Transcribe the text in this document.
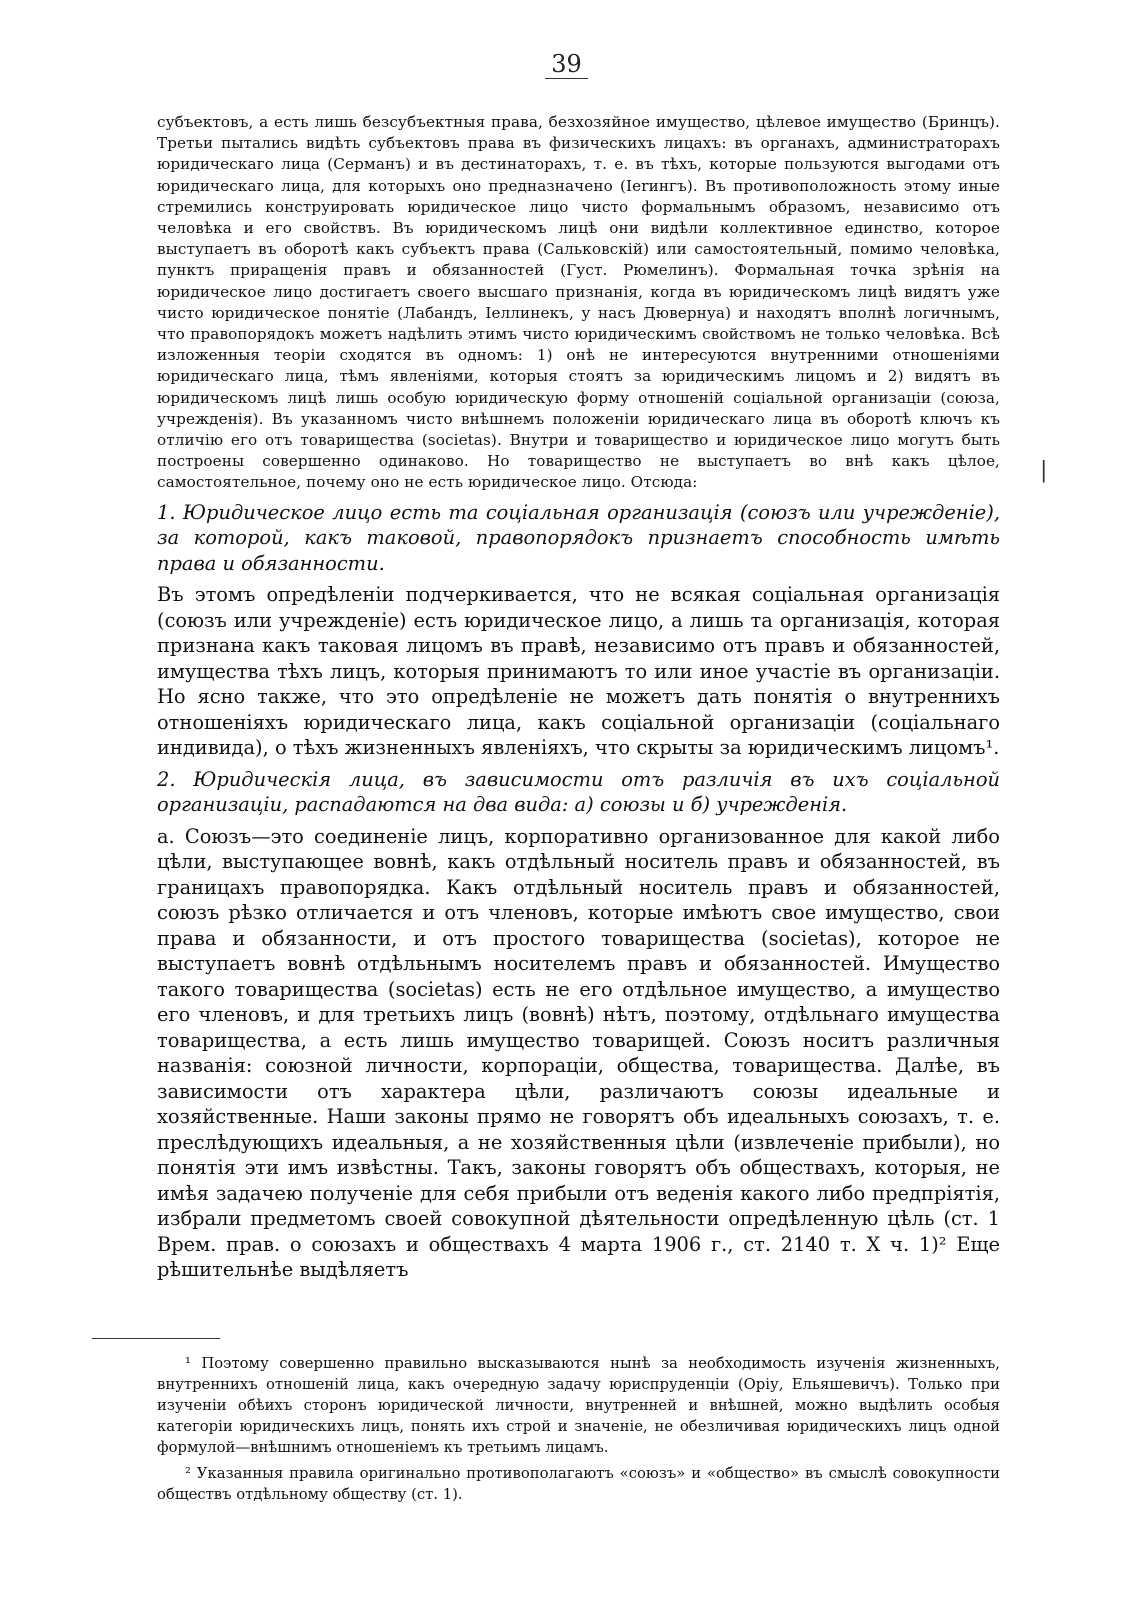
39

субъектовъ, а есть лишь безсубъектныя права, безхозяйное имущество, цѣлевое имущество (Бринцъ). Третьи пытались видѣть субъектовъ права въ физическихъ лицахъ: въ органахъ, администраторахъ юридическаго лица (Серманъ) и въ дестинаторахъ, т. е. въ тѣхъ, которые пользуются выгодами отъ юридическаго лица, для которыхъ оно предназначено (Ierингъ). Въ противоположность этому иные стремились конструировать юридическое лицо чисто формальнымъ образомъ, независимо отъ человѣка и его свойствъ. Въ юридическомъ лицѣ они видѣли коллективное единство, которое выступаетъ въ оборотѣ какъ субъектъ права (Сальковскій) или самостоятельный, помимо человѣка, пунктъ приращенія правъ и обязанностей (Густ. Рюмелинъ). Формальная точка зрѣнія на юридическое лицо достигаетъ своего высшаго признанія, когда въ юридическомъ лицѣ видятъ уже чисто юридическое понятіе (Лабандъ, Іеллинекъ, у насъ Дювернуа) и находятъ вполнѣ логичнымъ, что правопорядокъ можетъ надѣлить этимъ чисто юридическимъ свойствомъ не только человѣка. Всѣ изложенныя теоріи сходятся въ одномъ: 1) онѣ не интересуются внутренними отношеніями юридическаго лица, тѣмъ явленіями, которыя стоятъ за юридическимъ лицомъ и 2) видятъ въ юридическомъ лицѣ лишь особую юридическую форму отношеній соціальной организаціи (союза, учрежденія). Въ указанномъ чисто внѣшнемъ положеніи юридическаго лица въ оборотѣ ключъ къ отличію его отъ товарищества (societas). Внутри и товарищество и юридическое лицо могутъ быть построены совершенно одинаково. Но товарищество не выступаетъ во внѣ какъ цѣлое, самостоятельное, почему оно не есть юридическое лицо. Отсюда:

1. Юридическое лицо есть та соціальная организація (союзъ или учрежденіе), за которой, какъ таковой, правопорядокъ признаетъ способность имѣть права и обязанности.

Въ этомъ опредѣленіи подчеркивается, что не всякая соціальная организація (союзъ или учрежденіе) есть юридическое лицо, а лишь та организація, которая признана какъ таковая лицомъ въ правѣ, независимо отъ правъ и обязанностей, имущества тѣхъ лицъ, которыя принимаютъ то или иное участіе въ организаціи. Но ясно также, что это опредѣленіе не можетъ дать понятія о внутреннихъ отношеніяхъ юридическаго лица, какъ соціальной организаціи (соціальнаго индивида), о тѣхъ жизненныхъ явленіяхъ, что скрыты за юридическимъ лицомъ¹.

2. Юридическія лица, въ зависимости отъ различія въ ихъ соціальной организаціи, распадаются на два вида: а) союзы и б) учрежденія.

а. Союзъ—это соединеніе лицъ, корпоративно организованное для какой либо цѣли, выступающее вовнѣ, какъ отдѣльный носитель правъ и обязанностей, въ границахъ правопорядка. Какъ отдѣльный носитель правъ и обязанностей, союзъ рѣзко отличается и отъ членовъ, которые имѣютъ свое имущество, свои права и обязанности, и отъ простого товарищества (societas), которое не выступаетъ вовнѣ отдѣльнымъ носителемъ правъ и обязанностей. Имущество такого товарищества (societas) есть не его отдѣльное имущество, а имущество его членовъ, и для третьихъ лицъ (вовнѣ) нѣтъ, поэтому, отдѣльнаго имущества товарищества, а есть лишь имущество товарищей. Союзъ носитъ различныя названія: союзной личности, корпораціи, общества, товарищества. Далѣе, въ зависимости отъ характера цѣли, различаютъ союзы идеальные и хозяйственные. Наши законы прямо не говорятъ объ идеальныхъ союзахъ, т. е. преслѣдующихъ идеальныя, а не хозяйственныя цѣли (извлеченіе прибыли), но понятія эти имъ извѣстны. Такъ, законы говорятъ объ обществахъ, которыя, не имѣя задачею полученіе для себя прибыли отъ веденія какого либо предпріятія, избрали предметомъ своей совокупной дѣятельности опредѣленную цѣль (ст. 1 Врем. прав. о союзахъ и обществахъ 4 марта 1906 г., ст. 2140 т. X ч. 1)² Еще рѣшительнѣе выдѣляетъ

|

¹ Поэтому совершенно правильно высказываются нынѣ за необходимость изученія жизненныхъ, внутреннихъ отношеній лица, какъ очередную задачу юриспруденціи (Оріу, Ельяшевичъ). Только при изученіи обѣихъ сторонъ юридической личности, внутренней и внѣшней, можно выдѣлить особыя категоріи юридическихъ лицъ, понять ихъ строй и значеніе, не обезличивая юридическихъ лицъ одной формулой—внѣшнимъ отношеніемъ къ третьимъ лицамъ.

² Указанныя правила оригинально противополагаютъ «союзъ» и «общество» въ смыслѣ совокупности обществъ отдѣльному обществу (ст. 1).
